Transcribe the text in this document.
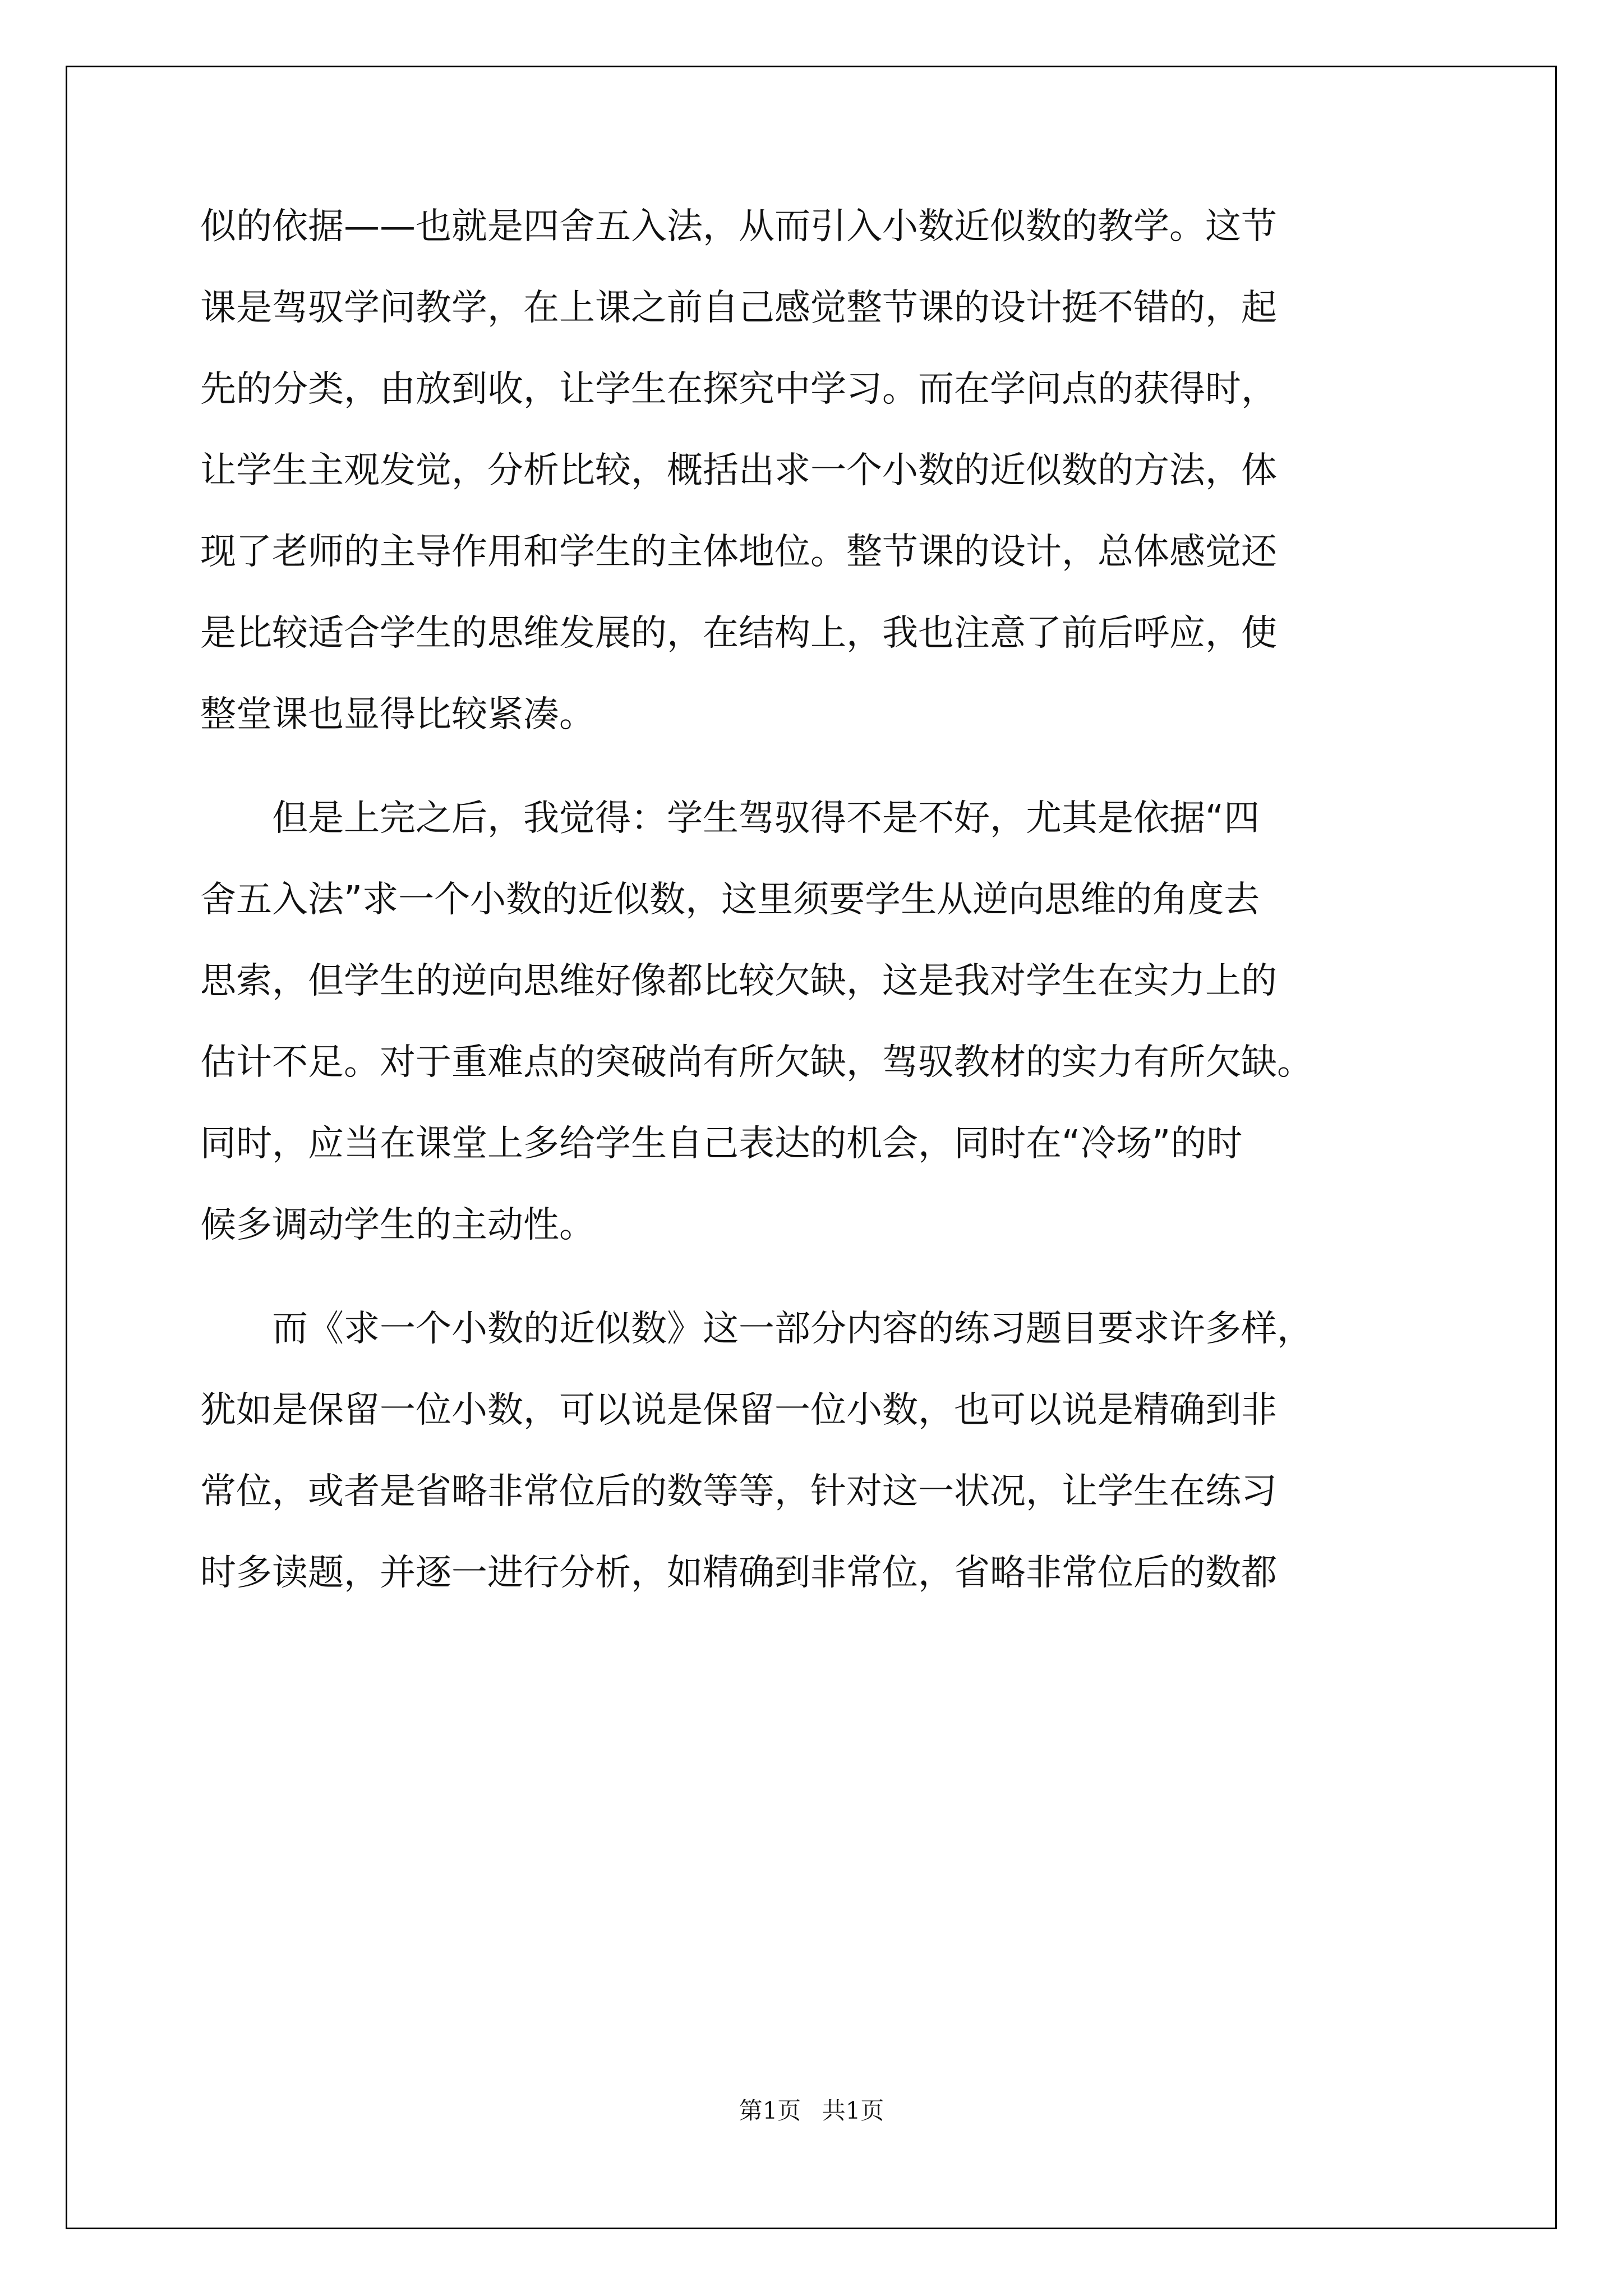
似的依据——也就是四舍五入法，从而引入小数近似数的教学。这节
课是驾驭学问教学，在上课之前自己感觉整节课的设计挺不错的，起
先的分类，由放到收，让学生在探究中学习。而在学问点的获得时，
让学生主观发觉，分析比较，概括出求一个小数的近似数的方法，体
现了老师的主导作用和学生的主体地位。整节课的设计，总体感觉还
是比较适合学生的思维发展的，在结构上，我也注意了前后呼应，使
整堂课也显得比较紧凑。
　　但是上完之后，我觉得：学生驾驭得不是不好，尤其是依据“四
舍五入法”求一个小数的近似数，这里须要学生从逆向思维的角度去
思索，但学生的逆向思维好像都比较欠缺，这是我对学生在实力上的
估计不足。对于重难点的突破尚有所欠缺，驾驭教材的实力有所欠缺。
同时，应当在课堂上多给学生自己表达的机会，同时在“冷场”的时
候多调动学生的主动性。
　　而《求一个小数的近似数》这一部分内容的练习题目要求许多样，
犹如是保留一位小数，可以说是保留一位小数，也可以说是精确到非
常位，或者是省略非常位后的数等等，针对这一状况，让学生在练习
时多读题，并逐一进行分析，如精确到非常位，省略非常位后的数都
第1页 共1页
